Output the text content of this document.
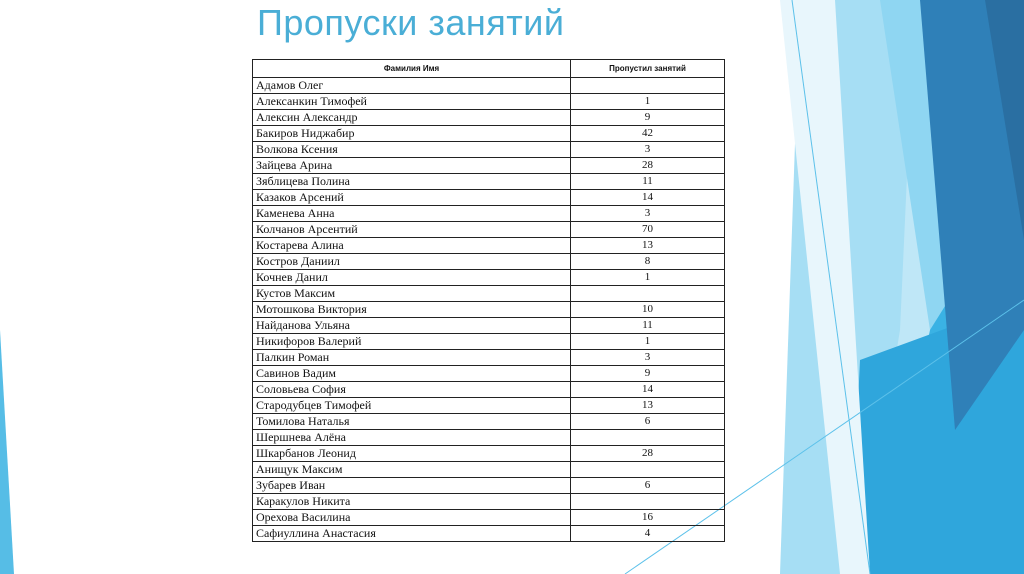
Пропуски занятий
Фамилия Имя	Пропустил занятий
Адамов Олег	
Алексанкин Тимофей	1
Алексин Александр	9
Бакиров Ниджабир	42
Волкова Ксения	3
Зайцева Арина	28
Зяблицева Полина	11
Казаков Арсений	14
Каменева Анна	3
Колчанов Арсентий	70
Костарева Алина	13
Костров Даниил	8
Кочнев Данил	1
Кустов Максим	
Мотошкова Виктория	10
Найданова Ульяна	11
Никифоров Валерий	1
Палкин Роман	3
Савинов Вадим	9
Соловьева София	14
Стародубцев Тимофей	13
Томилова Наталья	6
Шершнева Алёна	
Шкарбанов Леонид	28
Анищук Максим	
Зубарев Иван	6
Каракулов Никита	
Орехова Василина	16
Сафиуллина Анастасия	4
